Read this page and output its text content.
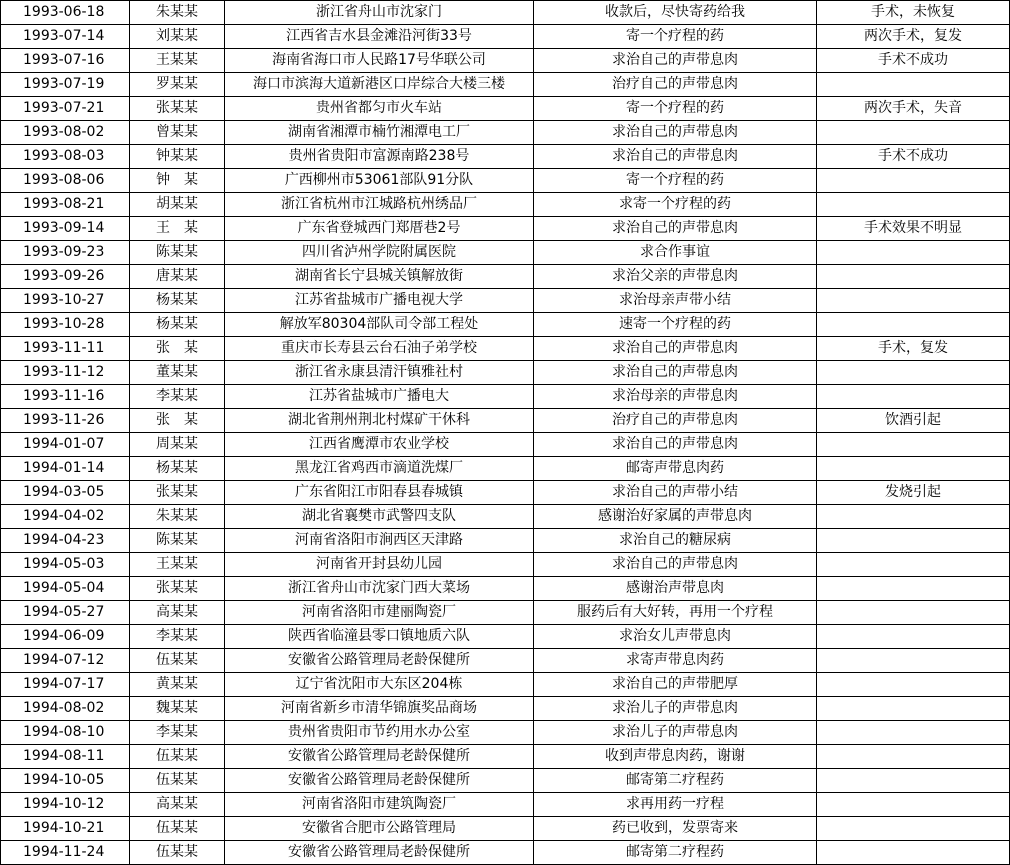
1993-06-18	朱某某	浙江省舟山市沈家门	收款后，尽快寄药给我	手术，未恢复
1993-07-14	刘某某	江西省吉水县金滩沿河街33号	寄一个疗程的药	两次手术，复发
1993-07-16	王某某	海南省海口市人民路17号华联公司	求治自己的声带息肉	手术不成功
1993-07-19	罗某某	海口市滨海大道新港区口岸综合大楼三楼	治疗自己的声带息肉	
1993-07-21	张某某	贵州省都匀市火车站	寄一个疗程的药	两次手术，失音
1993-08-02	曾某某	湖南省湘潭市楠竹湘潭电工厂	求治自己的声带息肉	
1993-08-03	钟某某	贵州省贵阳市富源南路238号	求治自己的声带息肉	手术不成功
1993-08-06	钟　某	广西柳州市53061部队91分队	寄一个疗程的药	
1993-08-21	胡某某	浙江省杭州市江城路杭州绣品厂	求寄一个疗程的药	
1993-09-14	王　某	广东省登城西门郑厝巷2号	求治自己的声带息肉	手术效果不明显
1993-09-23	陈某某	四川省泸州学院附属医院	求合作事谊	
1993-09-26	唐某某	湖南省长宁县城关镇解放街	求治父亲的声带息肉	
1993-10-27	杨某某	江苏省盐城市广播电视大学	求治母亲声带小结	
1993-10-28	杨某某	解放军80304部队司令部工程处	速寄一个疗程的药	
1993-11-11	张　某	重庆市长寿县云台石油子弟学校	求治自己的声带息肉	手术，复发
1993-11-12	董某某	浙江省永康县清汗镇雅社村	求治自己的声带息肉	
1993-11-16	李某某	江苏省盐城市广播电大	求治母亲的声带息肉	
1993-11-26	张　某	湖北省荆州荆北村煤矿干休科	治疗自己的声带息肉	饮酒引起
1994-01-07	周某某	江西省鹰潭市农业学校	求治自己的声带息肉	
1994-01-14	杨某某	黑龙江省鸡西市滴道洗煤厂	邮寄声带息肉药	
1994-03-05	张某某	广东省阳江市阳春县春城镇	求治自己的声带小结	发烧引起
1994-04-02	朱某某	湖北省襄樊市武警四支队	感谢治好家属的声带息肉	
1994-04-23	陈某某	河南省洛阳市涧西区天津路	求治自己的糖尿病	
1994-05-03	王某某	河南省开封县幼儿园	求治自己的声带息肉	
1994-05-04	张某某	浙江省舟山市沈家门西大菜场	感谢治声带息肉	
1994-05-27	高某某	河南省洛阳市建丽陶瓷厂	服药后有大好转，再用一个疗程	
1994-06-09	李某某	陕西省临潼县零口镇地质六队	求治女儿声带息肉	
1994-07-12	伍某某	安徽省公路管理局老龄保健所	求寄声带息肉药	
1994-07-17	黄某某	辽宁省沈阳市大东区204栋	求治自己的声带肥厚	
1994-08-02	魏某某	河南省新乡市清华锦旗奖品商场	求治儿子的声带息肉	
1994-08-10	李某某	贵州省贵阳市节约用水办公室	求治儿子的声带息肉	
1994-08-11	伍某某	安徽省公路管理局老龄保健所	收到声带息肉药，谢谢	
1994-10-05	伍某某	安徽省公路管理局老龄保健所	邮寄第二疗程药	
1994-10-12	高某某	河南省洛阳市建筑陶瓷厂	求再用药一疗程	
1994-10-21	伍某某	安徽省合肥市公路管理局	药已收到，发票寄来	
1994-11-24	伍某某	安徽省公路管理局老龄保健所	邮寄第二疗程药	
